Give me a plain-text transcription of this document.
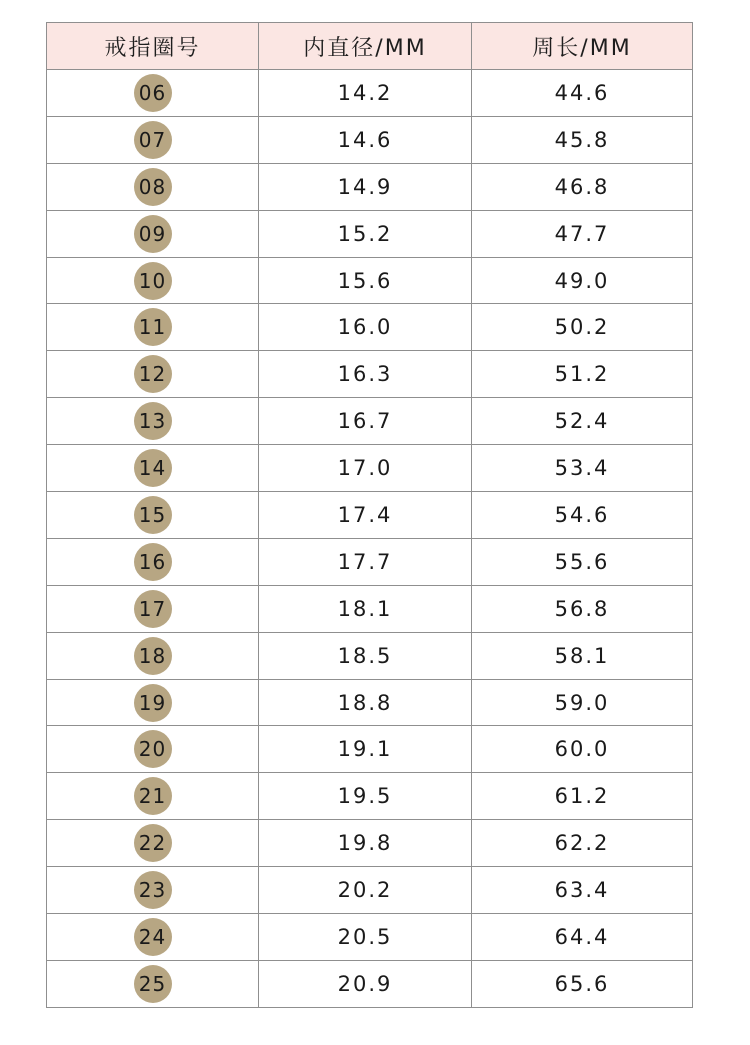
戒指圈号	内直径/MM	周长/MM
06	14.2	44.6
07	14.6	45.8
08	14.9	46.8
09	15.2	47.7
10	15.6	49.0
11	16.0	50.2
12	16.3	51.2
13	16.7	52.4
14	17.0	53.4
15	17.4	54.6
16	17.7	55.6
17	18.1	56.8
18	18.5	58.1
19	18.8	59.0
20	19.1	60.0
21	19.5	61.2
22	19.8	62.2
23	20.2	63.4
24	20.5	64.4
25	20.9	65.6
